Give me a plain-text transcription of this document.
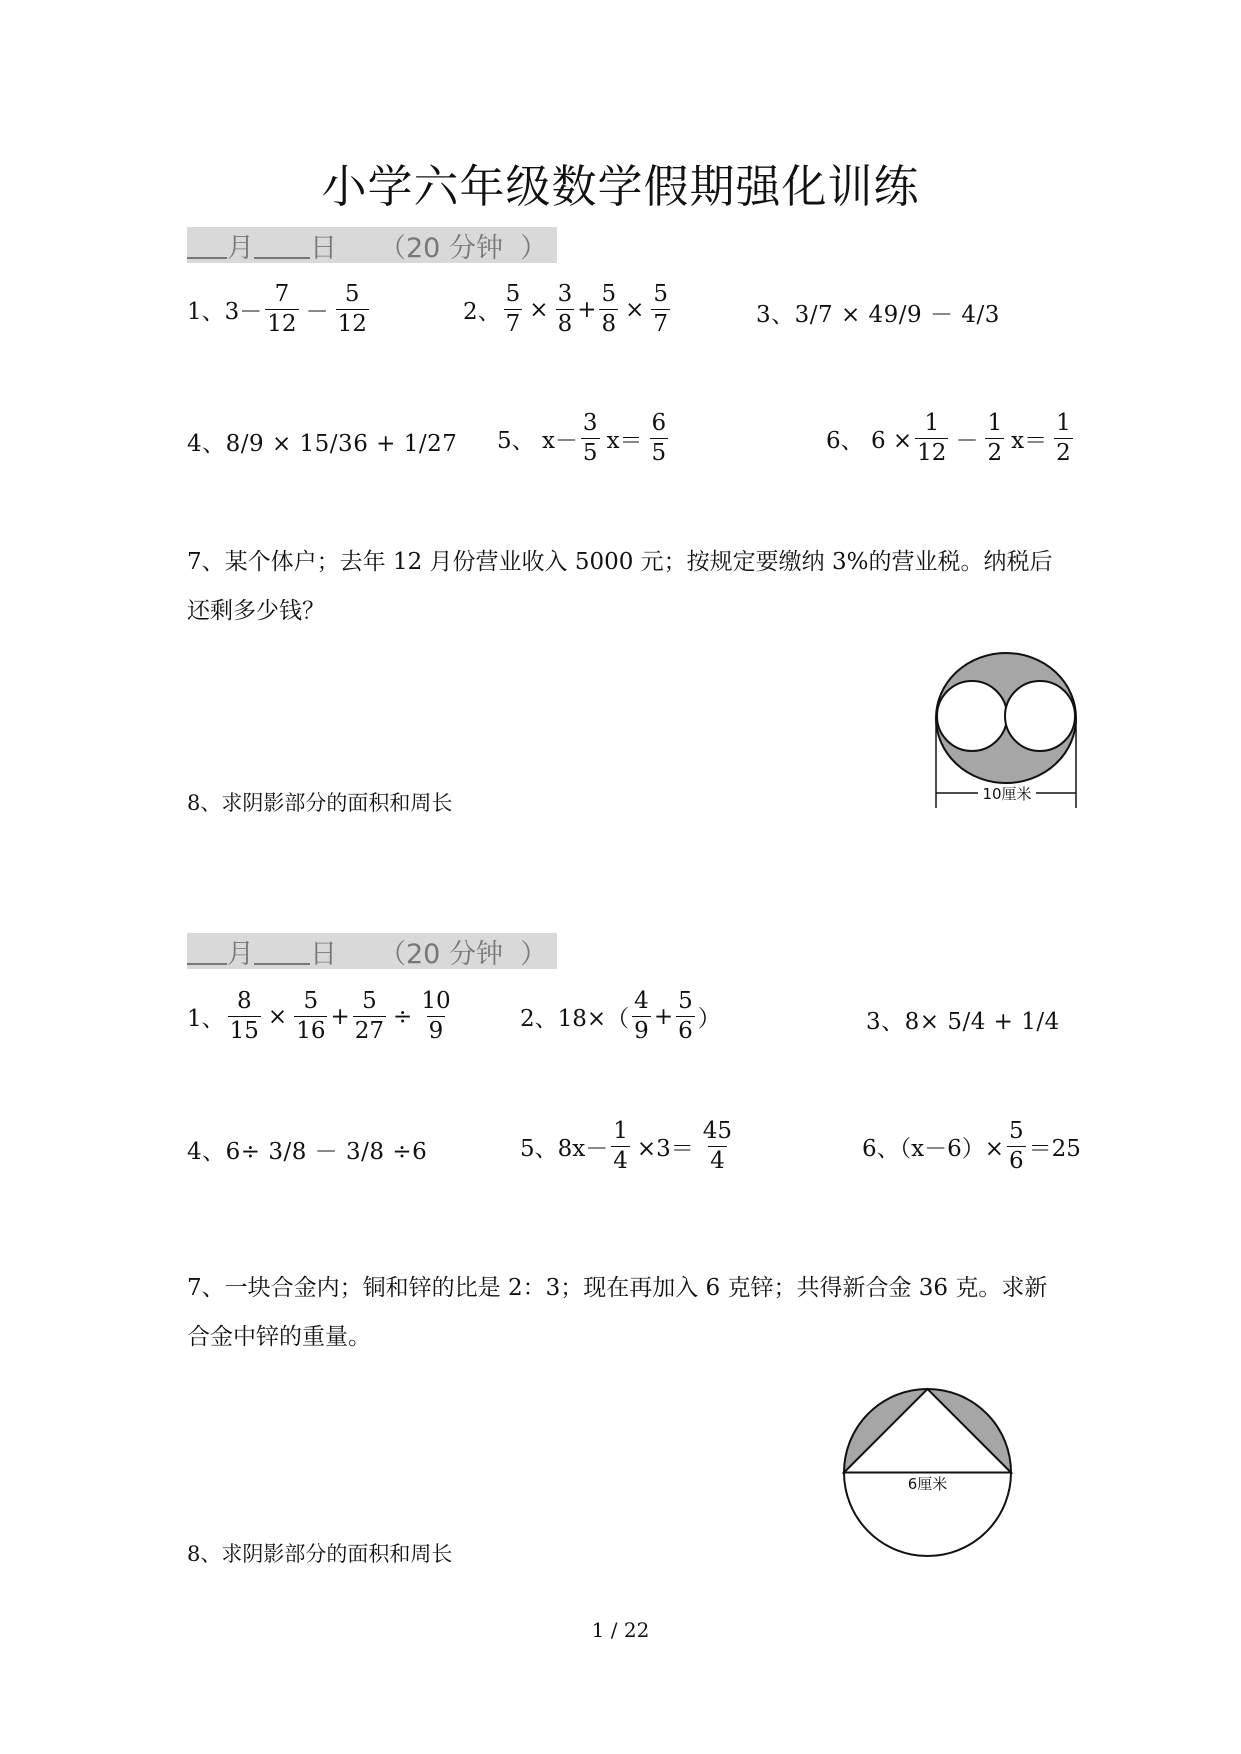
小学六年级数学假期强化训练
月 日 （20 分钟  ）
1、$3- \frac{7}{12} - \frac{5}{12}$	2、 $\frac{5}{7} \times \frac{3}{8} + \frac{5}{8} \times \frac{5}{7}$	3、3/7 × 49/9 － 4/3
4、8/9 × 15/36 + 1/27 5、 $x- \frac{3}{5} x= \frac{6}{5}$	6、 $6 \times \frac{1}{12} - \frac{1}{2} x= \frac{1}{2}$
7、某个体户；去年 12 月份营业收入 5000 元；按规定要缴纳 3%的营业税。纳税后
还剩多少钱？
10厘米
8、求阴影部分的面积和周长
月 日 （20 分钟  ）
1、 $\frac{8}{15} \times \frac{5}{16} + \frac{5}{27} \div \frac{10}{9}$	2、$18\times( \frac{4}{9} + \frac{5}{6}$ ）	3、8× 5/4 + 1/4
4、6÷ 3/8 － 3/8 ÷6	5、$8x- \frac{1}{4} \times 3= \frac{45}{4}$	6、$(x-6)\times \frac{5}{6} =25$
7、一块合金内；铜和锌的比是 2：3；现在再加入 6 克锌；共得新合金 36 克。求新
合金中锌的重量。
6厘米
8、求阴影部分的面积和周长
1 / 22
